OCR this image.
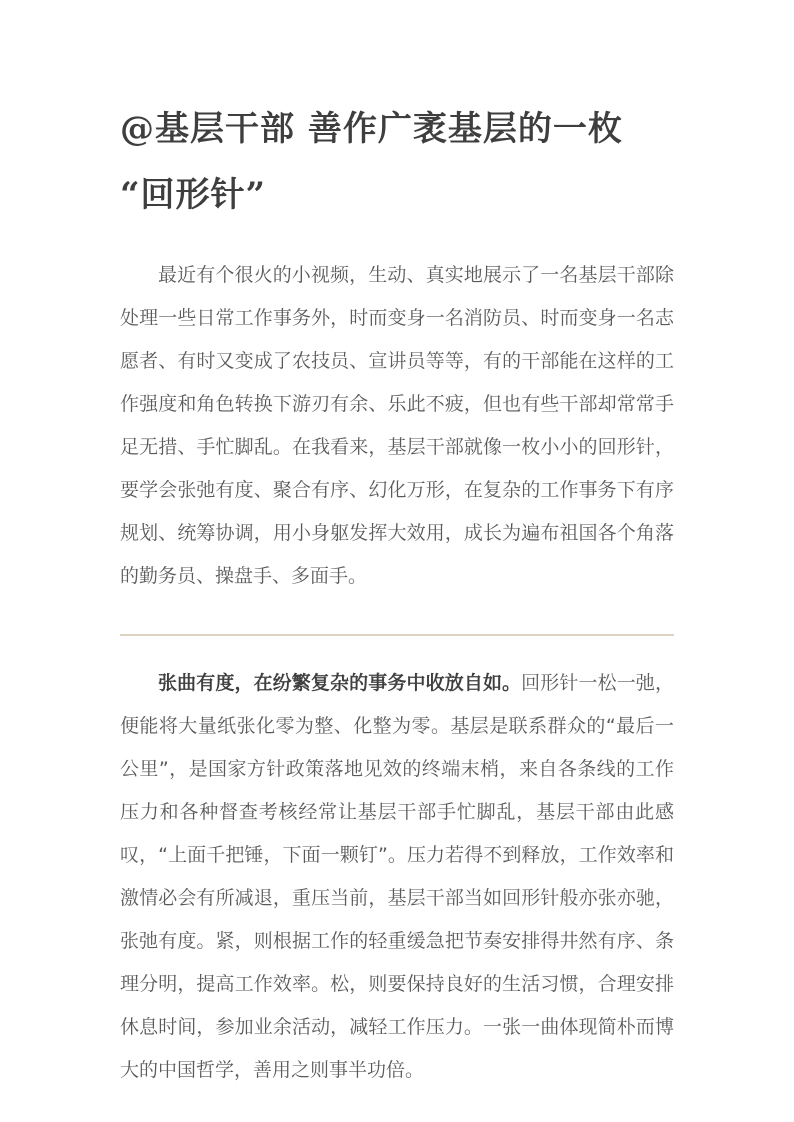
@基层干部 善作广袤基层的一枚
“回形针”

最近有个很火的小视频，生动、真实地展示了一名基层干部除处理一些日常工作事务外，时而变身一名消防员、时而变身一名志愿者、有时又变成了农技员、宣讲员等等，有的干部能在这样的工作强度和角色转换下游刃有余、乐此不疲，但也有些干部却常常手足无措、手忙脚乱。在我看来，基层干部就像一枚小小的回形针，要学会张弛有度、聚合有序、幻化万形，在复杂的工作事务下有序规划、统筹协调，用小身躯发挥大效用，成长为遍布祖国各个角落的勤务员、操盘手、多面手。

张曲有度，在纷繁复杂的事务中收放自如。回形针一松一弛，便能将大量纸张化零为整、化整为零。基层是联系群众的“最后一公里”，是国家方针政策落地见效的终端末梢，来自各条线的工作压力和各种督查考核经常让基层干部手忙脚乱，基层干部由此感叹，“上面千把锤，下面一颗钉”。压力若得不到释放，工作效率和激情必会有所减退，重压当前，基层干部当如回形针般亦张亦驰，张弛有度。紧，则根据工作的轻重缓急把节奏安排得井然有序、条理分明，提高工作效率。松，则要保持良好的生活习惯，合理安排休息时间，参加业余活动，减轻工作压力。一张一曲体现简朴而博大的中国哲学，善用之则事半功倍。
